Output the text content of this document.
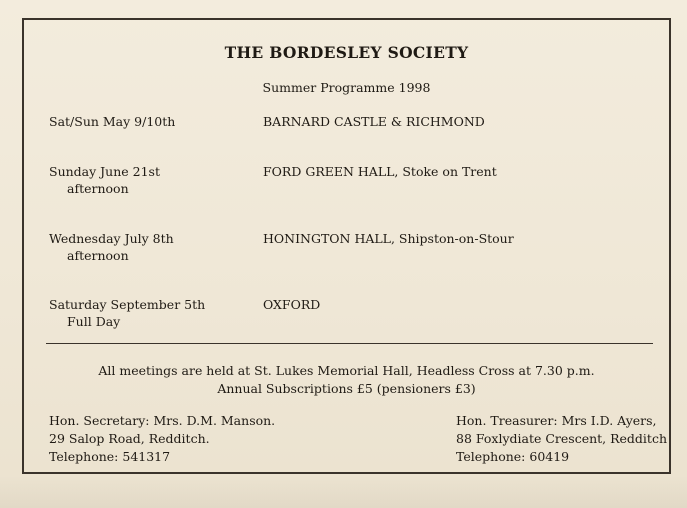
THE BORDESLEY SOCIETY
Summer Programme 1998
Sat/Sun May 9/10th	BARNARD CASTLE & RICHMOND
Sunday June 21st
afternoon
FORD GREEN HALL, Stoke on Trent
Wednesday July 8th
afternoon
HONINGTON HALL, Shipston-on-Stour
Saturday September 5th
Full Day
OXFORD
All meetings are held at St. Lukes Memorial Hall, Headless Cross at 7.30 p.m.
Annual Subscriptions £5 (pensioners £3)
Hon. Secretary: Mrs. D.M. Manson.
29 Salop Road, Redditch.
Telephone: 541317
Hon. Treasurer: Mrs I.D. Ayers,
88 Foxlydiate Crescent, Redditch
Telephone: 60419
